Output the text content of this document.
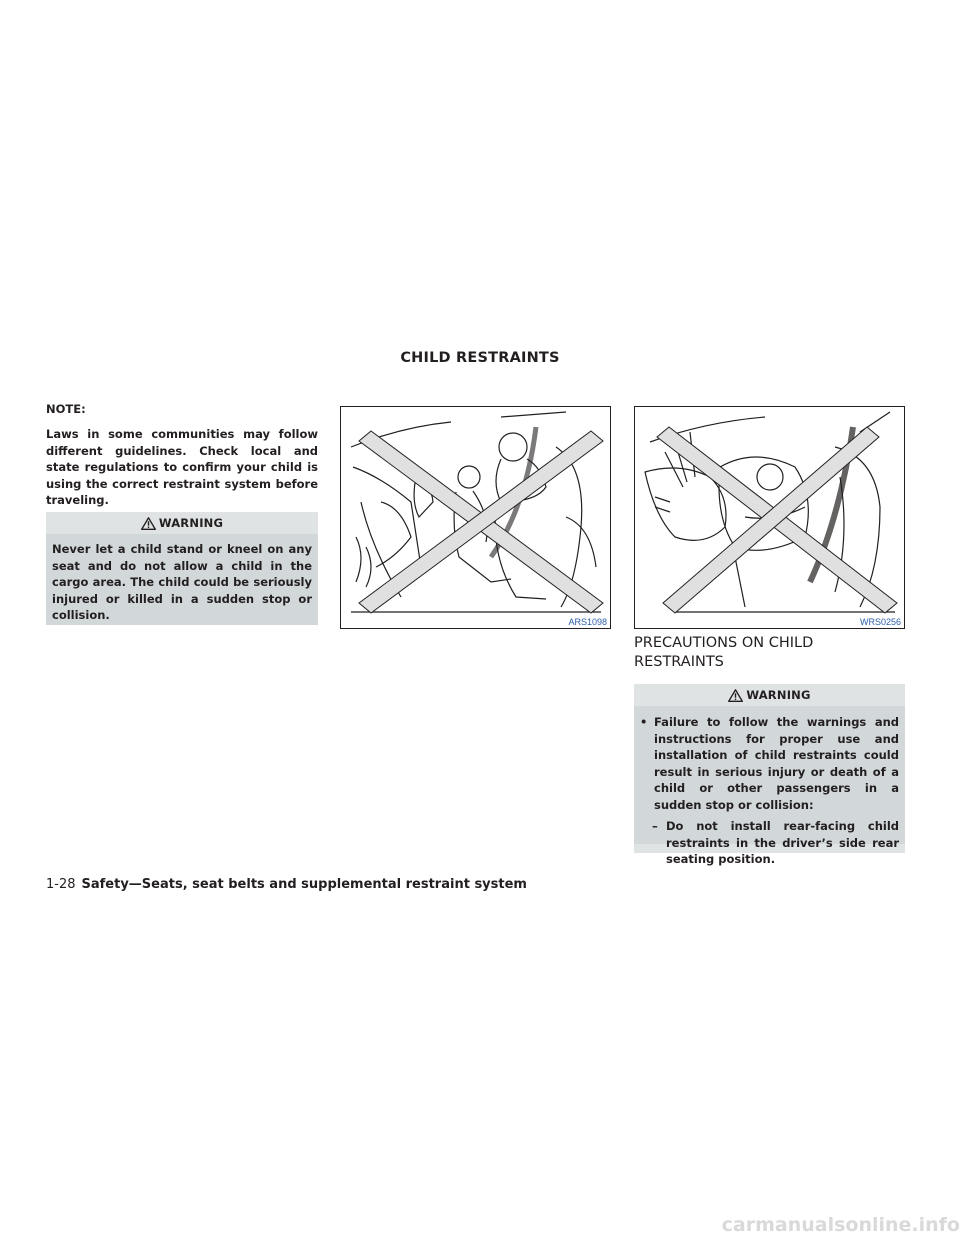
CHILD RESTRAINTS

NOTE:

Laws in some communities may follow different guidelines. Check local and state regulations to confirm your child is using the correct restraint system before traveling.

WARNING
Never let a child stand or kneel on any seat and do not allow a child in the cargo area. The child could be seriously injured or killed in a sudden stop or collision.	ARS1098	WRS0256
PRECAUTIONS ON CHILD RESTRAINTS
WARNING
• Failure to follow the warnings and instructions for proper use and installation of child restraints could result in serious injury or death of a child or other passengers in a sudden stop or collision:
– Do not install rear-facing child restraints in the driver’s side rear seating position.
1-28 Safety—Seats, seat belts and supplemental restraint system
carmanualsonline.info
